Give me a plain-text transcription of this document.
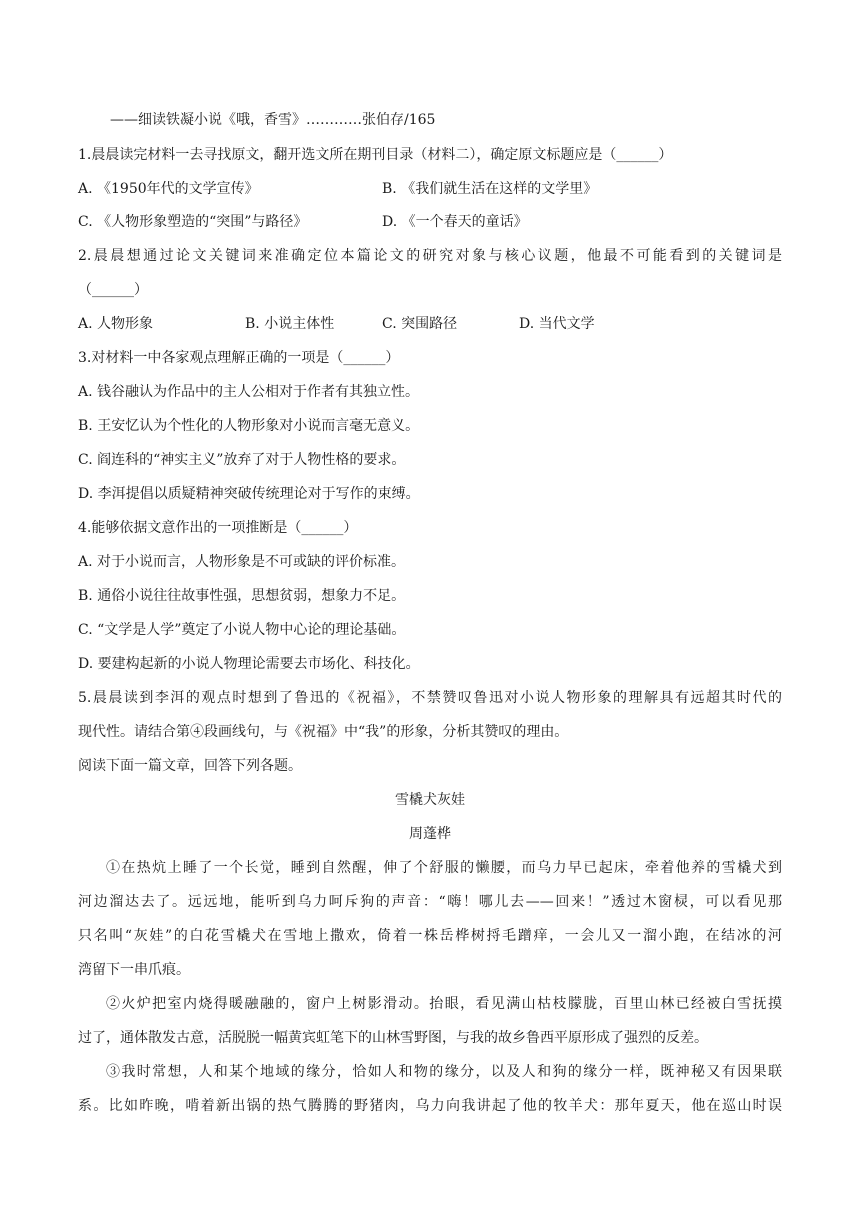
——细读铁凝小说《哦，香雪》…………张伯存/165
1.晨晨读完材料一去寻找原文，翻开选文所在期刊目录（材料二），确定原文标题应是（______）
A. 《1950年代的文学宣传》	B. 《我们就生活在这样的文学里》
C. 《人物形象塑造的“突围”与路径》	D. 《一个春天的童话》
2.晨晨想通过论文关键词来准确定位本篇论文的研究对象与核心议题，他最不可能看到的关键词是
（______）
A. 人物形象	B. 小说主体性	C. 突围路径	D. 当代文学
3.对材料一中各家观点理解正确的一项是（______）
A. 钱谷融认为作品中的主人公相对于作者有其独立性。
B. 王安忆认为个性化的人物形象对小说而言毫无意义。
C. 阎连科的“神实主义”放弃了对于人物性格的要求。
D. 李洱提倡以质疑精神突破传统理论对于写作的束缚。
4.能够依据文意作出的一项推断是（______）
A. 对于小说而言，人物形象是不可或缺的评价标准。
B. 通俗小说往往故事性强，思想贫弱，想象力不足。
C. “文学是人学”奠定了小说人物中心论的理论基础。
D. 要建构起新的小说人物理论需要去市场化、科技化。
5.晨晨读到李洱的观点时想到了鲁迅的《祝福》，不禁赞叹鲁迅对小说人物形象的理解具有远超其时代的
现代性。请结合第④段画线句，与《祝福》中“我”的形象，分析其赞叹的理由。
阅读下面一篇文章，回答下列各题。
雪橇犬灰娃
周蓬桦
①在热炕上睡了一个长觉，睡到自然醒，伸了个舒服的懒腰，而乌力早已起床，牵着他养的雪橇犬到
河边溜达去了。远远地，能听到乌力呵斥狗的声音：“嗨！哪儿去——回来！”透过木窗棂，可以看见那
只名叫“灰娃”的白花雪橇犬在雪地上撒欢，倚着一株岳桦树捋毛蹭痒，一会儿又一溜小跑，在结冰的河
湾留下一串爪痕。
②火炉把室内烧得暖融融的，窗户上树影滑动。抬眼，看见满山枯枝朦胧，百里山林已经被白雪抚摸
过了，通体散发古意，活脱脱一幅黄宾虹笔下的山林雪野图，与我的故乡鲁西平原形成了强烈的反差。
③我时常想，人和某个地域的缘分，恰如人和物的缘分，以及人和狗的缘分一样，既神秘又有因果联
系。比如昨晚，啃着新出锅的热气腾腾的野猪肉，乌力向我讲起了他的牧羊犬：那年夏天，他在巡山时误
